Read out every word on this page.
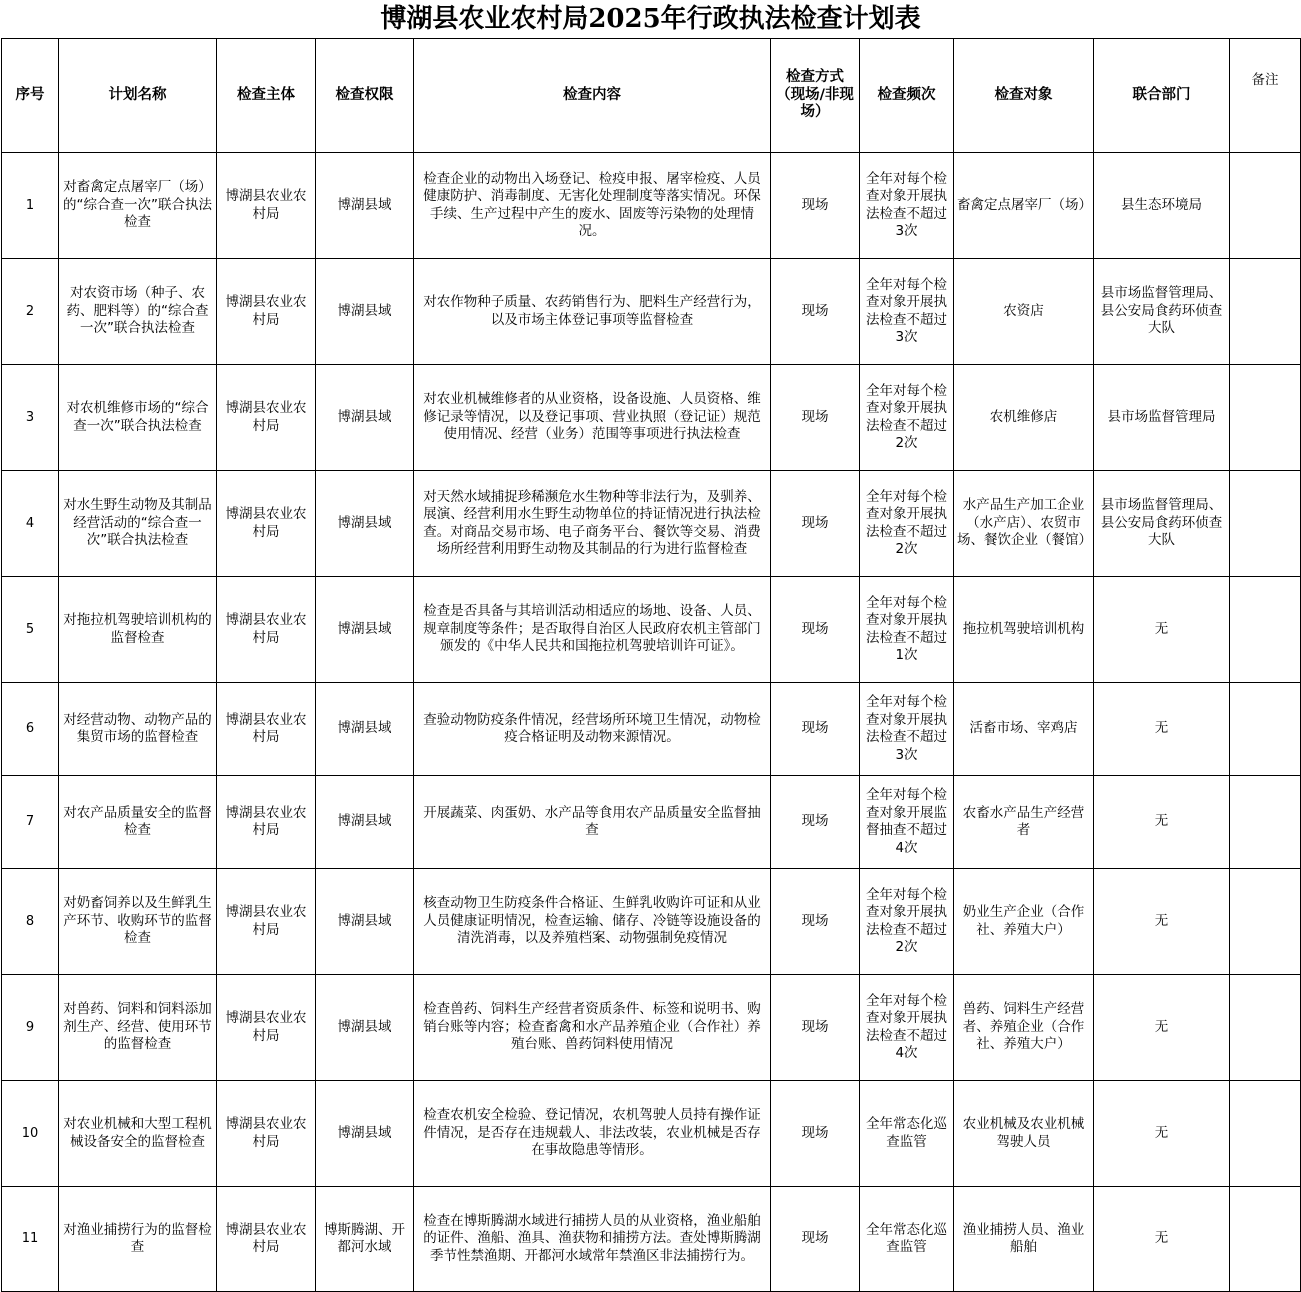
博湖县农业农村局2025年行政执法检查计划表
序号	计划名称	检查主体	检查权限	检查内容	检查方式（现场/非现场）	检查频次	检查对象	联合部门	备注
1	对畜禽定点屠宰厂（场）的“综合查一次”联合执法检查	博湖县农业农村局	博湖县域	检查企业的动物出入场登记、检疫申报、屠宰检疫、人员健康防护、消毒制度、无害化处理制度等落实情况。环保手续、生产过程中产生的废水、固废等污染物的处理情况。	现场	全年对每个检查对象开展执法检查不超过3次	畜禽定点屠宰厂（场）	县生态环境局	
2	对农资市场（种子、农药、肥料等）的“综合查一次”联合执法检查	博湖县农业农村局	博湖县域	对农作物种子质量、农药销售行为、肥料生产经营行为，以及市场主体登记事项等监督检查	现场	全年对每个检查对象开展执法检查不超过3次	农资店	县市场监督管理局、县公安局食药环侦查大队	
3	对农机维修市场的“综合查一次”联合执法检查	博湖县农业农村局	博湖县域	对农业机械维修者的从业资格，设备设施、人员资格、维修记录等情况，以及登记事项、营业执照（登记证）规范使用情况、经营（业务）范围等事项进行执法检查	现场	全年对每个检查对象开展执法检查不超过2次	农机维修店	县市场监督管理局	
4	对水生野生动物及其制品经营活动的“综合查一次”联合执法检查	博湖县农业农村局	博湖县域	对天然水域捕捉珍稀濒危水生物种等非法行为，及驯养、展演、经营利用水生野生动物单位的持证情况进行执法检查。对商品交易市场、电子商务平台、餐饮等交易、消费场所经营利用野生动物及其制品的行为进行监督检查	现场	全年对每个检查对象开展执法检查不超过2次	水产品生产加工企业（水产店）、农贸市场、餐饮企业（餐馆）	县市场监督管理局、县公安局食药环侦查大队	
5	对拖拉机驾驶培训机构的监督检查	博湖县农业农村局	博湖县域	检查是否具备与其培训活动相适应的场地、设备、人员、规章制度等条件；是否取得自治区人民政府农机主管部门颁发的《中华人民共和国拖拉机驾驶培训许可证》。	现场	全年对每个检查对象开展执法检查不超过1次	拖拉机驾驶培训机构	无	
6	对经营动物、动物产品的集贸市场的监督检查	博湖县农业农村局	博湖县域	查验动物防疫条件情况，经营场所环境卫生情况，动物检疫合格证明及动物来源情况。	现场	全年对每个检查对象开展执法检查不超过3次	活畜市场、宰鸡店	无	
7	对农产品质量安全的监督检查	博湖县农业农村局	博湖县域	开展蔬菜、肉蛋奶、水产品等食用农产品质量安全监督抽查	现场	全年对每个检查对象开展监督抽查不超过4次	农畜水产品生产经营者	无	
8	对奶畜饲养以及生鲜乳生产环节、收购环节的监督检查	博湖县农业农村局	博湖县域	核查动物卫生防疫条件合格证、生鲜乳收购许可证和从业人员健康证明情况，检查运输、储存、冷链等设施设备的清洗消毒，以及养殖档案、动物强制免疫情况	现场	全年对每个检查对象开展执法检查不超过2次	奶业生产企业（合作社、养殖大户）	无	
9	对兽药、饲料和饲料添加剂生产、经营、使用环节的监督检查	博湖县农业农村局	博湖县域	检查兽药、饲料生产经营者资质条件、标签和说明书、购销台账等内容；检查畜禽和水产品养殖企业（合作社）养殖台账、兽药饲料使用情况	现场	全年对每个检查对象开展执法检查不超过4次	兽药、饲料生产经营者、养殖企业（合作社、养殖大户）	无	
10	对农业机械和大型工程机械设备安全的监督检查	博湖县农业农村局	博湖县域	检查农机安全检验、登记情况，农机驾驶人员持有操作证件情况，是否存在违规载人、非法改装，农业机械是否存在事故隐患等情形。	现场	全年常态化巡查监管	农业机械及农业机械驾驶人员	无	
11	对渔业捕捞行为的监督检查	博湖县农业农村局	博斯腾湖、开都河水域	检查在博斯腾湖水域进行捕捞人员的从业资格，渔业船舶的证件、渔船、渔具、渔获物和捕捞方法。查处博斯腾湖季节性禁渔期、开都河水域常年禁渔区非法捕捞行为。	现场	全年常态化巡查监管	渔业捕捞人员、渔业船舶	无	
